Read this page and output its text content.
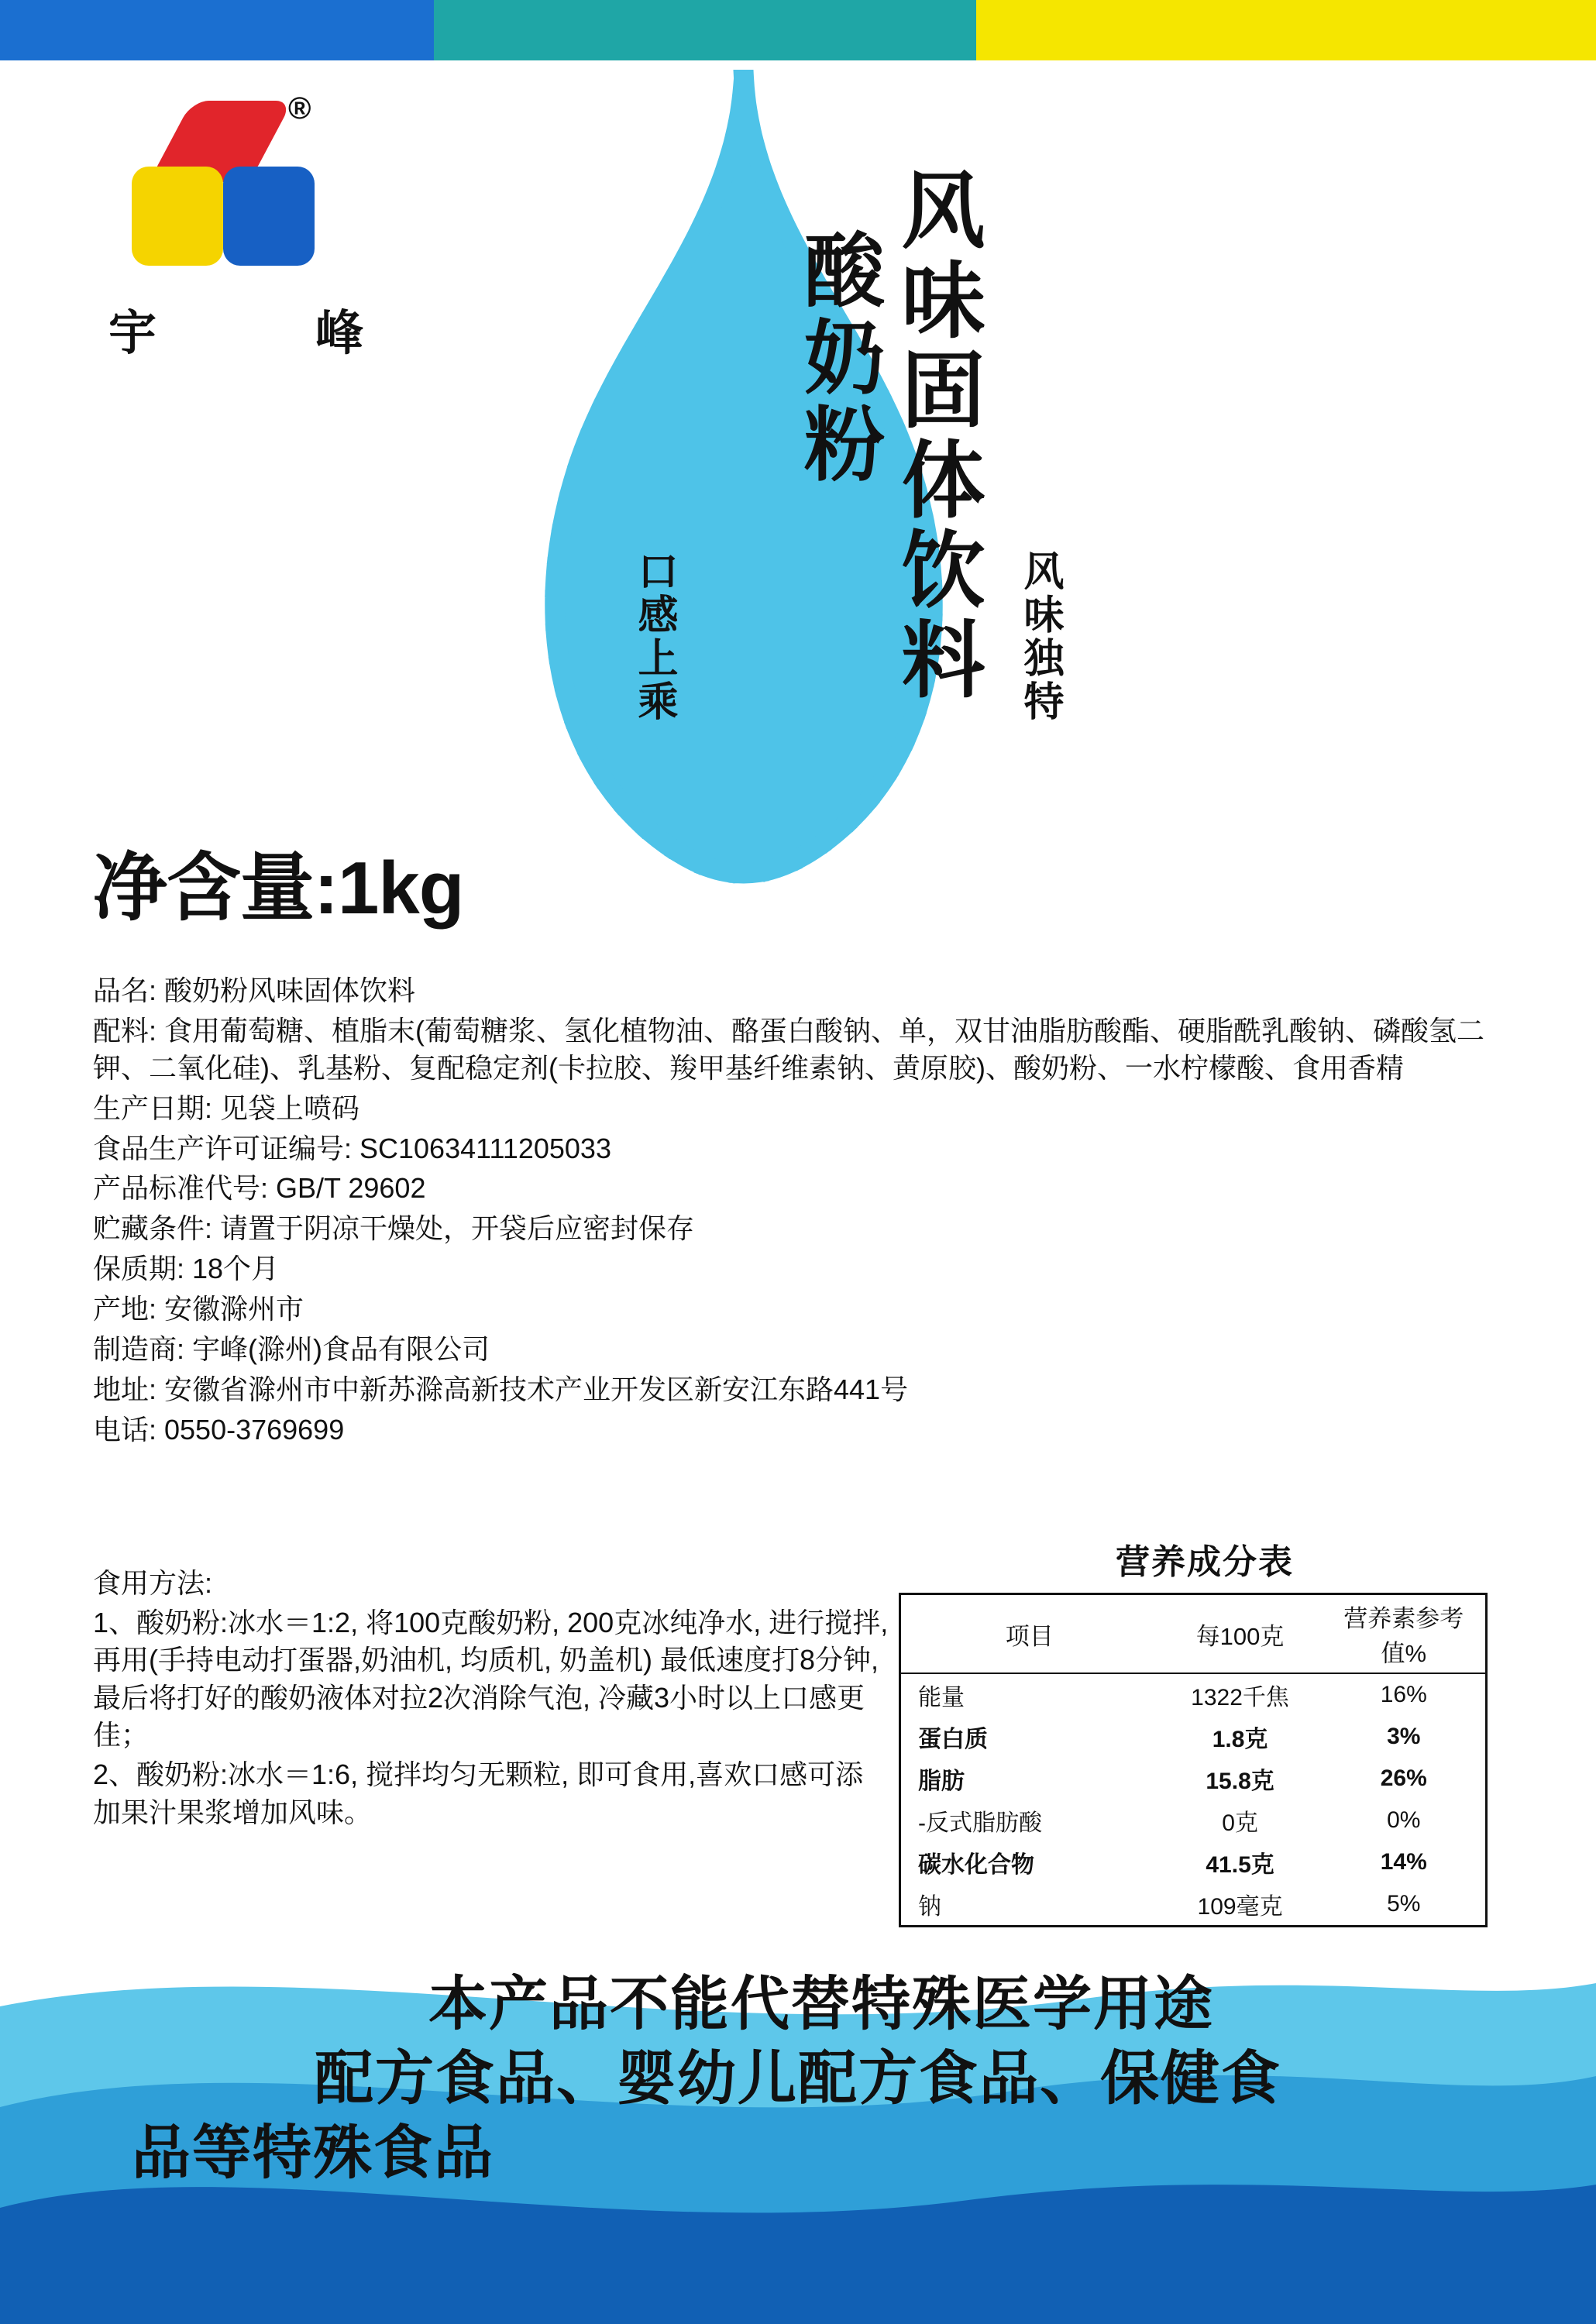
®
宇	峰	风味固体饮料
酸奶粉
口感上乘	风味独特
净含量:1kg

品名: 酸奶粉风味固体饮料

配料: 食用葡萄糖、植脂末(葡萄糖浆、氢化植物油、酪蛋白酸钠、单，双甘油脂肪酸酯、硬脂酰乳酸钠、磷酸氢二钾、二氧化硅)、乳基粉、复配稳定剂(卡拉胶、羧甲基纤维素钠、黄原胶)、酸奶粉、一水柠檬酸、食用香精

生产日期: 见袋上喷码

食品生产许可证编号: SC10634111205033

产品标准代号: GB/T 29602

贮藏条件: 请置于阴凉干燥处，开袋后应密封保存

保质期: 18个月

产地: 安徽滁州市

制造商: 宇峰(滁州)食品有限公司

地址: 安徽省滁州市中新苏滁高新技术产业开发区新安江东路441号

电话: 0550-3769699

食用方法:

1、酸奶粉:冰水＝1:2, 将100克酸奶粉, 200克冰纯净水, 进行搅拌, 再用(手持电动打蛋器,奶油机, 均质机, 奶盖机) 最低速度打8分钟, 最后将打好的酸奶液体对拉2次消除气泡, 冷藏3小时以上口感更佳；

2、酸奶粉:冰水＝1:6, 搅拌均匀无颗粒, 即可食用,喜欢口感可添加果汁果浆增加风味。

营养成分表
项目	每100克	营养素参考值%
能量	1322千焦	16%
蛋白质	1.8克	3%
脂肪	15.8克	26%
-反式脂肪酸	0克	0%
碳水化合物	41.5克	14%
钠	109毫克	5%
本产品不能代替特殊医学用途
配方食品、婴幼儿配方食品、保健食
品等特殊食品
